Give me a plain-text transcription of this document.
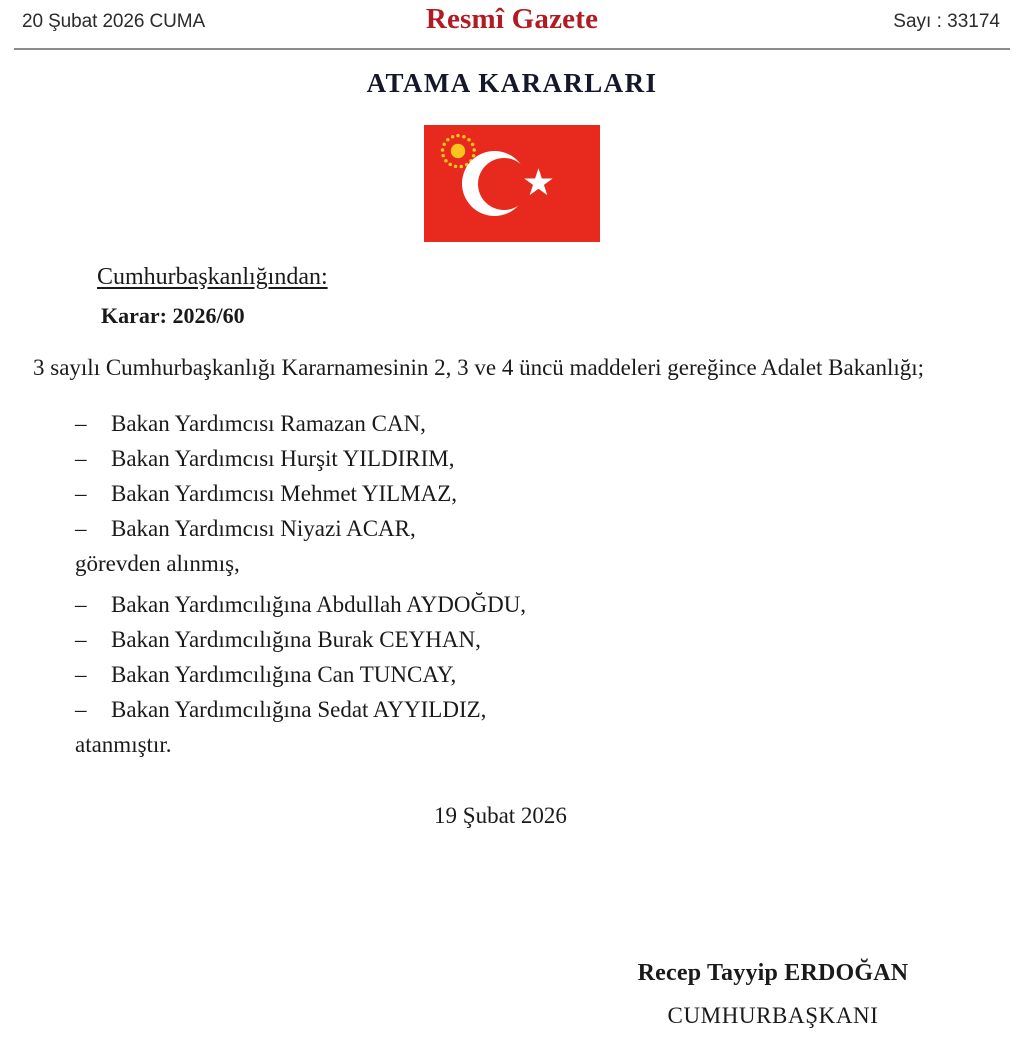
20 Şubat 2026 CUMA	Resmî Gazete	Sayı : 33174
ATAMA KARARLARI
★
Cumhurbaşkanlığından:
Karar: 2026/60

3 sayılı Cumhurbaşkanlığı Kararnamesinin 2, 3 ve 4 üncü maddeleri gereğince Adalet Bakanlığı;

– Bakan Yardımcısı Ramazan CAN,
– Bakan Yardımcısı Hurşit YILDIRIM,
– Bakan Yardımcısı Mehmet YILMAZ,
– Bakan Yardımcısı Niyazi ACAR,
görevden alınmış,
– Bakan Yardımcılığına Abdullah AYDOĞDU,
– Bakan Yardımcılığına Burak CEYHAN,
– Bakan Yardımcılığına Can TUNCAY,
– Bakan Yardımcılığına Sedat AYYILDIZ,
atanmıştır.
19 Şubat 2026
Recep Tayyip ERDOĞAN
CUMHURBAŞKANI
